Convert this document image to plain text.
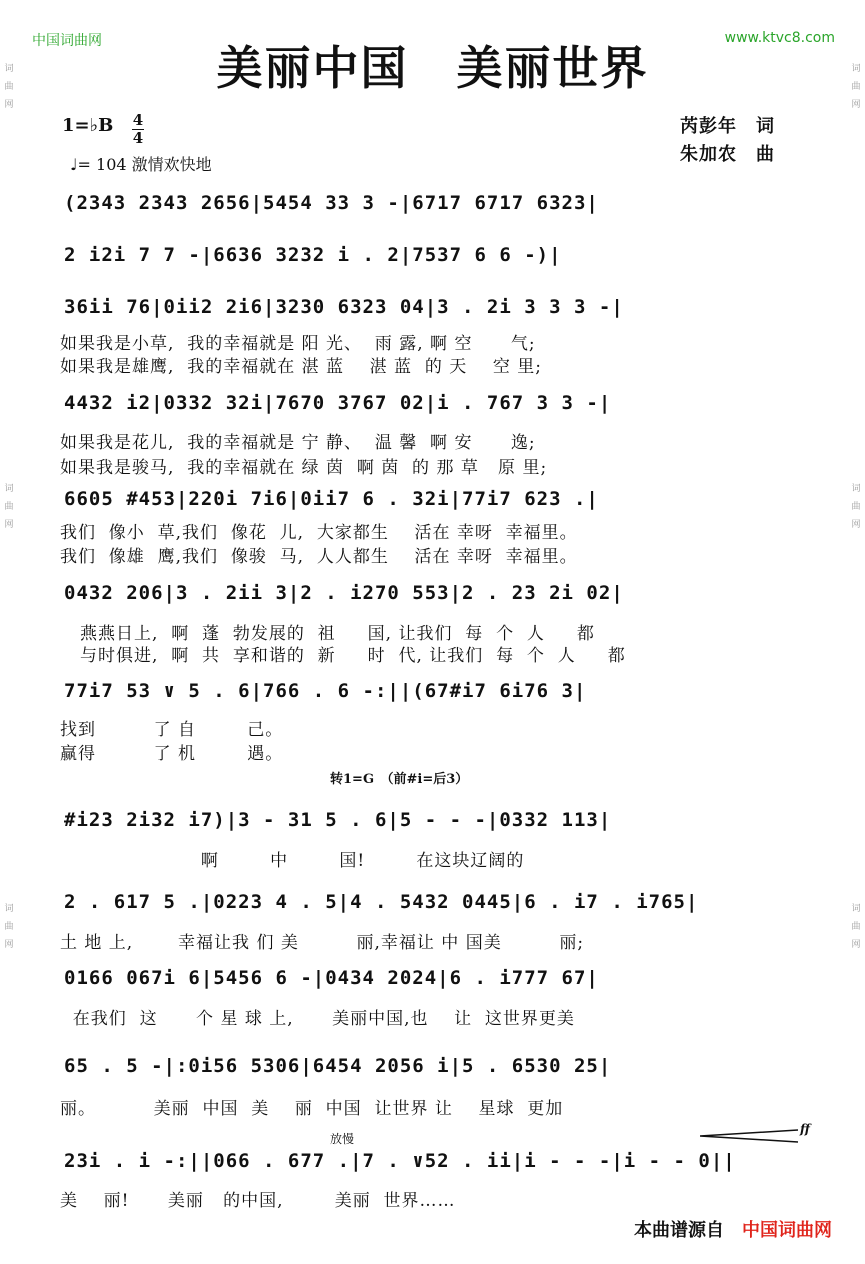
中国词曲网	www.ktvc8.com
美丽中国　美丽世界
词曲网
词曲网
词曲网
词曲网
词曲网
词曲网
1=♭B 4
4
♩= 104 激情欢快地
芮彭年　词
朱加农　曲
(2343 2343 2656|5454 33 3 -|6717 6717 6323|
2 i2i 7 7 -|6636 3232 i . 2|7537 6 6 -)|
36ii 76|0ii2 2i6|3230 6323 04|3 . 2i 3 3 3 -|
如果我是小草,  我的幸福就是 阳 光、  雨 露, 啊 空      气;
如果我是雄鹰,  我的幸福就在 湛 蓝    湛 蓝  的 天    空 里;
4432 i2|0332 32i|7670 3767 02|i . 767 3 3 -|
如果我是花儿,  我的幸福就是 宁 静、  温 馨  啊 安      逸;
如果我是骏马,  我的幸福就在 绿 茵  啊 茵  的 那 草   原 里;
6605 #453|220i 7i6|0ii7 6 . 32i|77i7 623 .|
我们  像小  草,我们  像花  儿,  大家都生    活在 幸呀  幸福里。
我们  像雄  鹰,我们  像骏  马,  人人都生    活在 幸呀  幸福里。
0432 206|3 . 2ii 3|2 . i270 553|2 . 23 2i 02|
燕燕日上,  啊  蓬  勃发展的  祖     国, 让我们  每  个  人     都
与时俱进,  啊  共  享和谐的  新     时  代, 让我们  每  个  人     都
77i7 53 ∨ 5 . 6|766 . 6 -:||(67#i7 6i76 3|
找到         了 自        己。
赢得         了 机        遇。
转1=G　（前#i=后3）
#i23 2i32 i7)|3 - 31 5 . 6|5 - - -|0332 113|
啊        中        国!        在这块辽阔的
2 . 617 5 .|0223 4 . 5|4 . 5432 0445|6 . i7 . i765|
土 地 上,       幸福让我 们 美         丽,幸福让 中 国美         丽;
0166 067i 6|5456 6 -|0434 2024|6 . i777 67|
在我们  这      个 星 球 上,      美丽中国,也    让  这世界更美
65 . 5 -|:0i56 5306|6454 2056 i|5 . 6530 25|
丽。         美丽  中国  美    丽  中国  让世界 让    星球  更加
放慢
ff
23i . i -:||066 . 677 .|7 . ∨52 . ii|i - - -|i - - 0||
美    丽!      美丽   的中国,        美丽  世界……
本曲谱源自 中国词曲网
